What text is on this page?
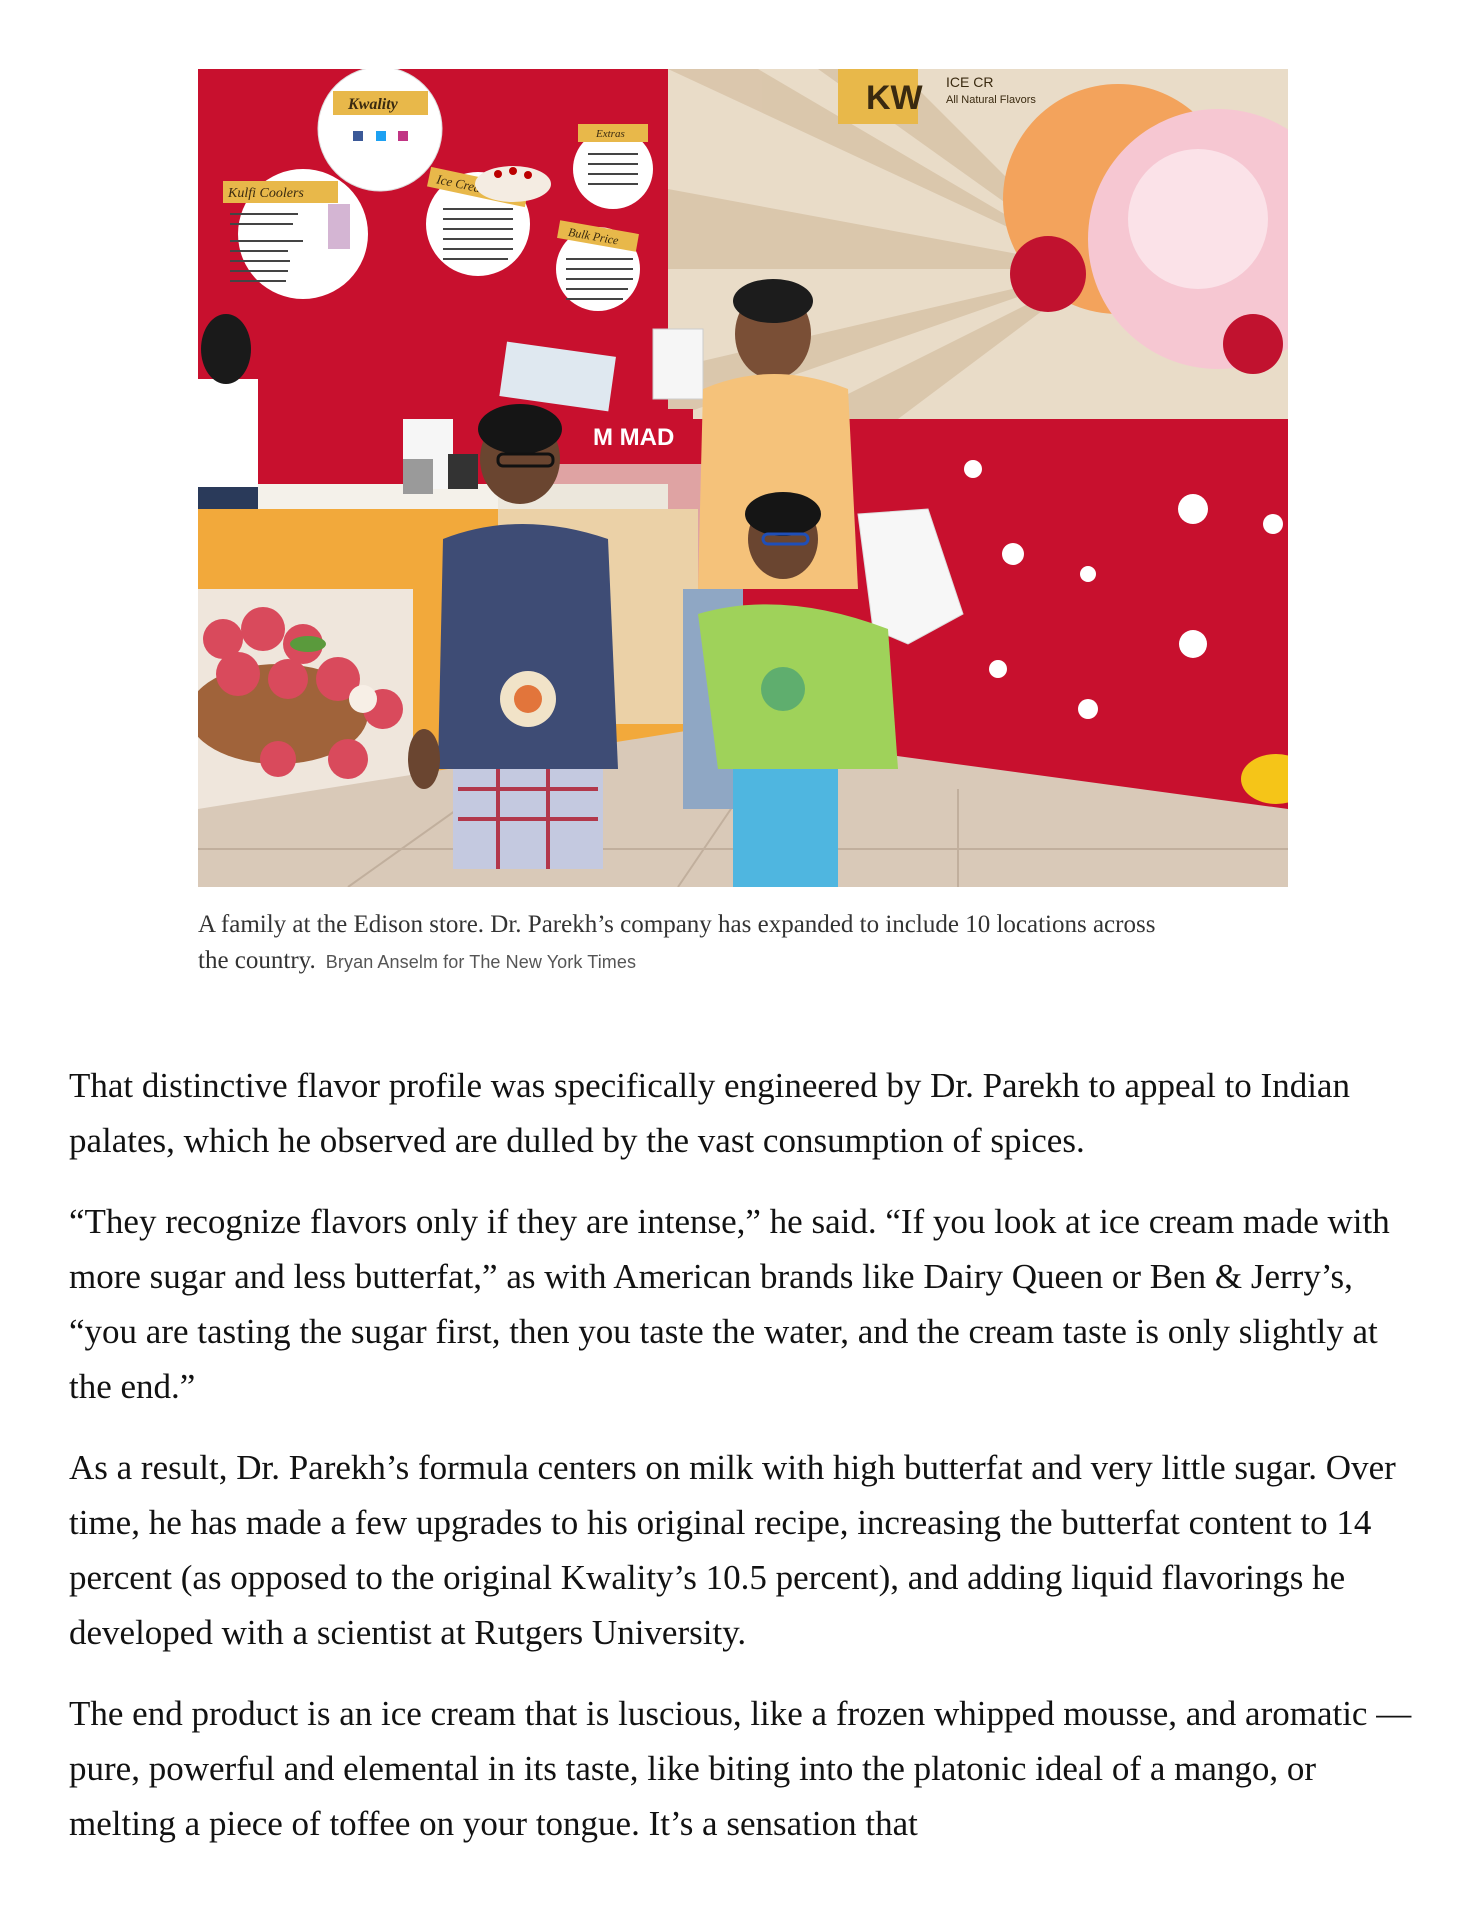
KW ICE CR
All Natural Flavors
Kwality
Kulfi Coolers
Ice Cream
Extras
Bulk Price
M MAD
A family at the Edison store. Dr. Parekh’s company has expanded to include 10 locations across the country. Bryan Anselm for The New York Times

That distinctive flavor profile was specifically engineered by Dr. Parekh to appeal to Indian palates, which he observed are dulled by the vast consumption of spices.

“They recognize flavors only if they are intense,” he said. “If you look at ice cream made with more sugar and less butterfat,” as with American brands like Dairy Queen or Ben & Jerry’s, “you are tasting the sugar first, then you taste the water, and the cream taste is only slightly at the end.”

As a result, Dr. Parekh’s formula centers on milk with high butterfat and very little sugar. Over time, he has made a few upgrades to his original recipe, increasing the butterfat content to 14 percent (as opposed to the original Kwality’s 10.5 percent), and adding liquid flavorings he developed with a scientist at Rutgers University.

The end product is an ice cream that is luscious, like a frozen whipped mousse, and aromatic — pure, powerful and elemental in its taste, like biting into the platonic ideal of a mango, or melting a piece of toffee on your tongue. It’s a sensation that
